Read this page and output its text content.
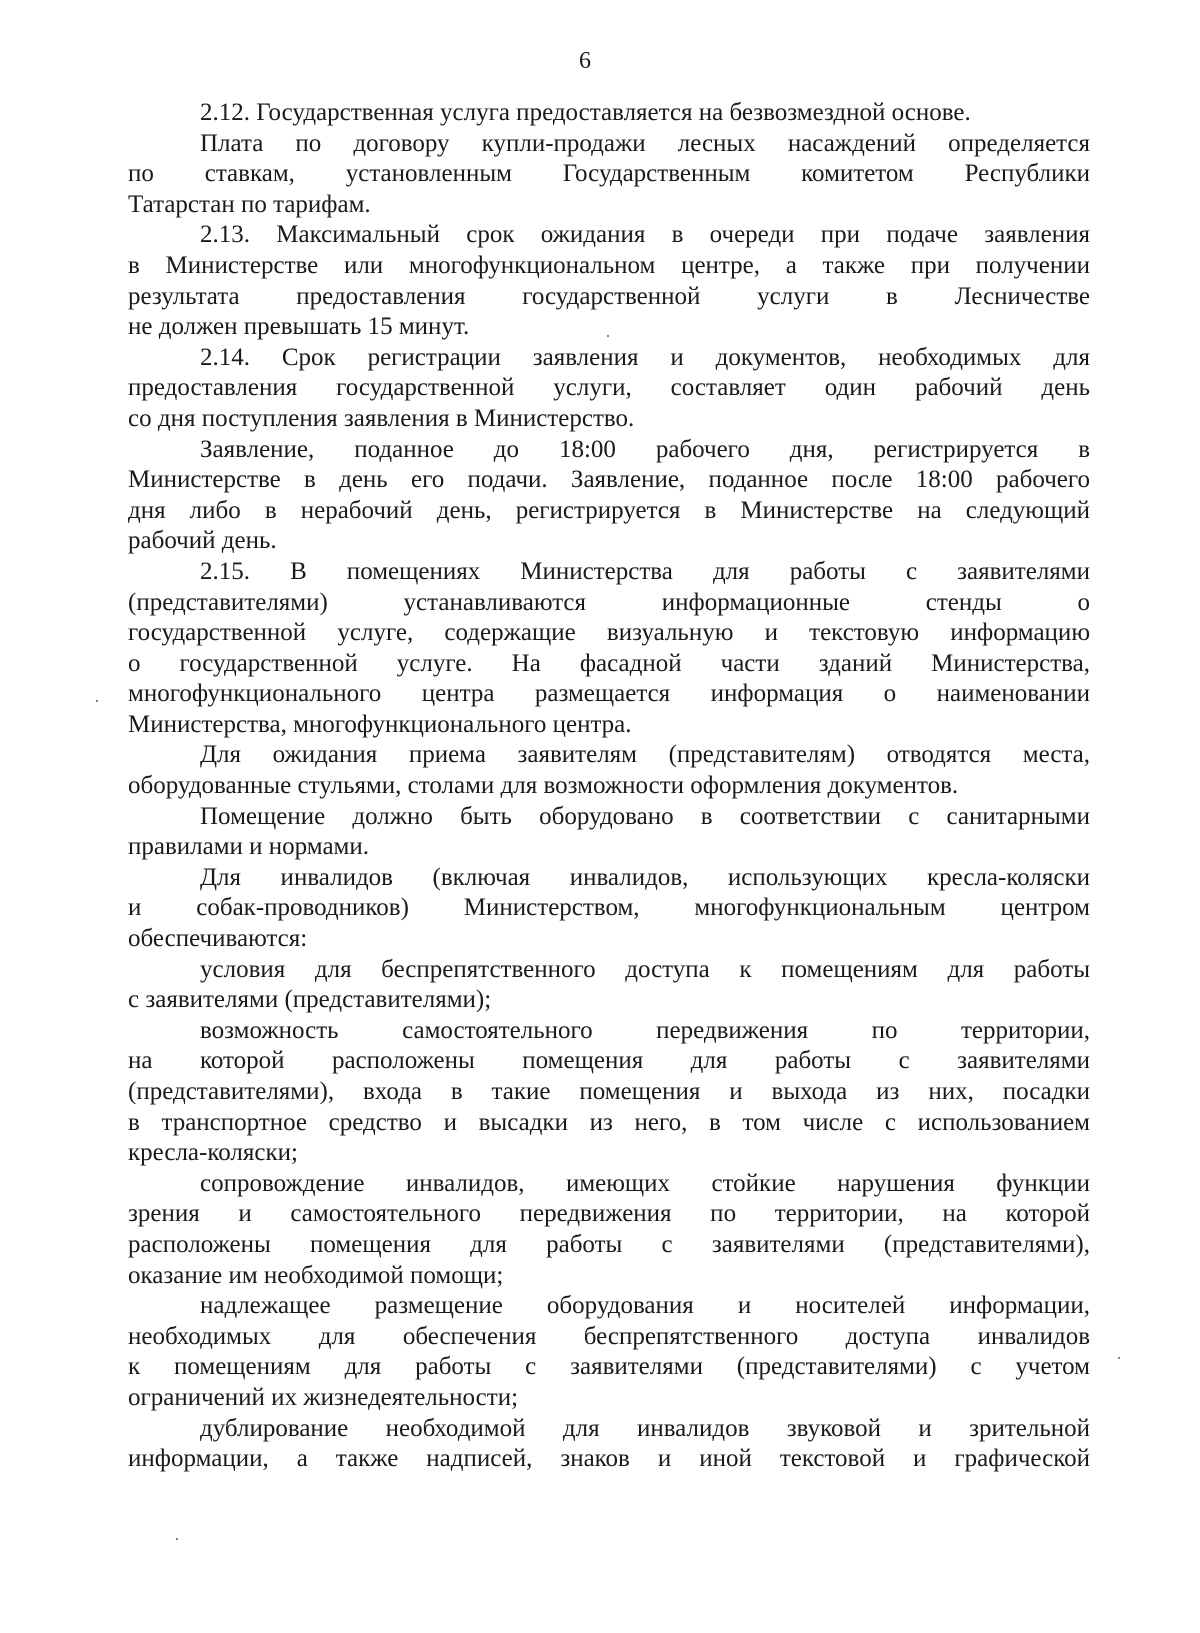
6

2.12. Государственная услуга предоставляется на безвозмездной основе.
Плата по договору купли-продажи лесных насаждений определяется
по ставкам, установленным Государственным комитетом Республики
Татарстан по тарифам.
2.13. Максимальный срок ожидания в очереди при подаче заявления
в Министерстве или многофункциональном центре, а также при получении
результата предоставления государственной услуги в Лесничестве
не должен превышать 15 минут.
2.14. Срок регистрации заявления и документов, необходимых для
предоставления государственной услуги, составляет один рабочий день
со дня поступления заявления в Министерство.
Заявление, поданное до 18:00 рабочего дня, регистрируется в
Министерстве в день его подачи. Заявление, поданное после 18:00 рабочего
дня либо в нерабочий день, регистрируется в Министерстве на следующий
рабочий день.
2.15. В помещениях Министерства для работы с заявителями
(представителями) устанавливаются информационные стенды о
государственной услуге, содержащие визуальную и текстовую информацию
о государственной услуге. На фасадной части зданий Министерства,
многофункционального центра размещается информация о наименовании
Министерства, многофункционального центра.
Для ожидания приема заявителям (представителям) отводятся места,
оборудованные стульями, столами для возможности оформления документов.
Помещение должно быть оборудовано в соответствии с санитарными
правилами и нормами.
Для инвалидов (включая инвалидов, использующих кресла-коляски
и собак-проводников) Министерством, многофункциональным центром
обеспечиваются:
условия для беспрепятственного доступа к помещениям для работы
с заявителями (представителями);
возможность самостоятельного передвижения по территории,
на которой расположены помещения для работы с заявителями
(представителями), входа в такие помещения и выхода из них, посадки
в транспортное средство и высадки из него, в том числе с использованием
кресла-коляски;
сопровождение инвалидов, имеющих стойкие нарушения функции
зрения и самостоятельного передвижения по территории, на которой
расположены помещения для работы с заявителями (представителями),
оказание им необходимой помощи;
надлежащее размещение оборудования и носителей информации,
необходимых для обеспечения беспрепятственного доступа инвалидов
к помещениям для работы с заявителями (представителями) с учетом
ограничений их жизнедеятельности;
дублирование необходимой для инвалидов звуковой и зрительной
информации, а также надписей, знаков и иной текстовой и графической
